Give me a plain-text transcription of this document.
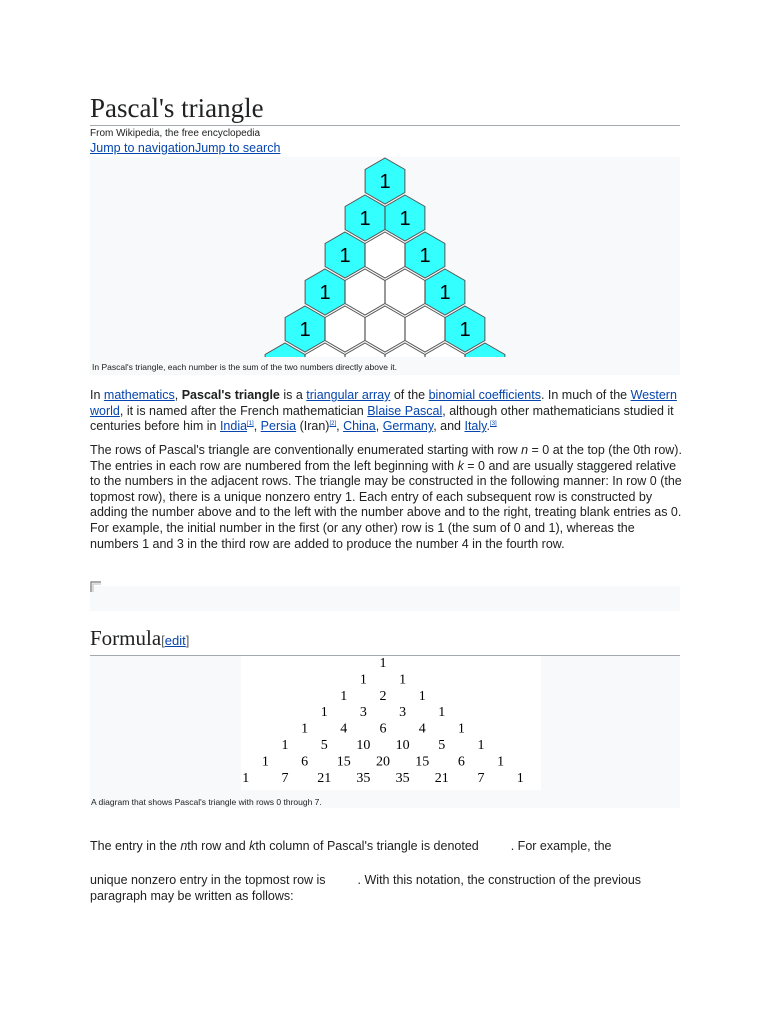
Pascal's triangle
From Wikipedia, the free encyclopedia
Jump to navigationJump to search
1
1 1
1	1
1	1
1	1
In Pascal's triangle, each number is the sum of the two numbers directly above it.
In mathematics, Pascal's triangle is a triangular array of the binomial coefficients. In much of the Western world, it is named after the French mathematician Blaise Pascal, although other mathematicians studied it centuries before him in India[1], Persia (Iran)[2], China, Germany, and Italy.[3]
The rows of Pascal's triangle are conventionally enumerated starting with row n = 0 at the top (the 0th row). The entries in each row are numbered from the left beginning with k = 0 and are usually staggered relative to the numbers in the adjacent rows. The triangle may be constructed in the following manner: In row 0 (the topmost row), there is a unique nonzero entry 1. Each entry of each subsequent row is constructed by adding the number above and to the left with the number above and to the right, treating blank entries as 0. For example, the initial number in the first (or any other) row is 1 (the sum of 0 and 1), whereas the numbers 1 and 3 in the third row are added to produce the number 4 in the fourth row.
Formula[edit]
1
1 1
1 2 1
1 3 3 1
1 4 6 4 1
1 5 10 10 5 1
1 6 15 20 15 6 1
1 7 21 35 35 21 7 1
A diagram that shows Pascal's triangle with rows 0 through 7.
The entry in the nth row and kth column of Pascal's triangle is denoted	. For example, the
unique nonzero entry in the topmost row is	. With this notation, the construction of the previous paragraph may be written as follows:
